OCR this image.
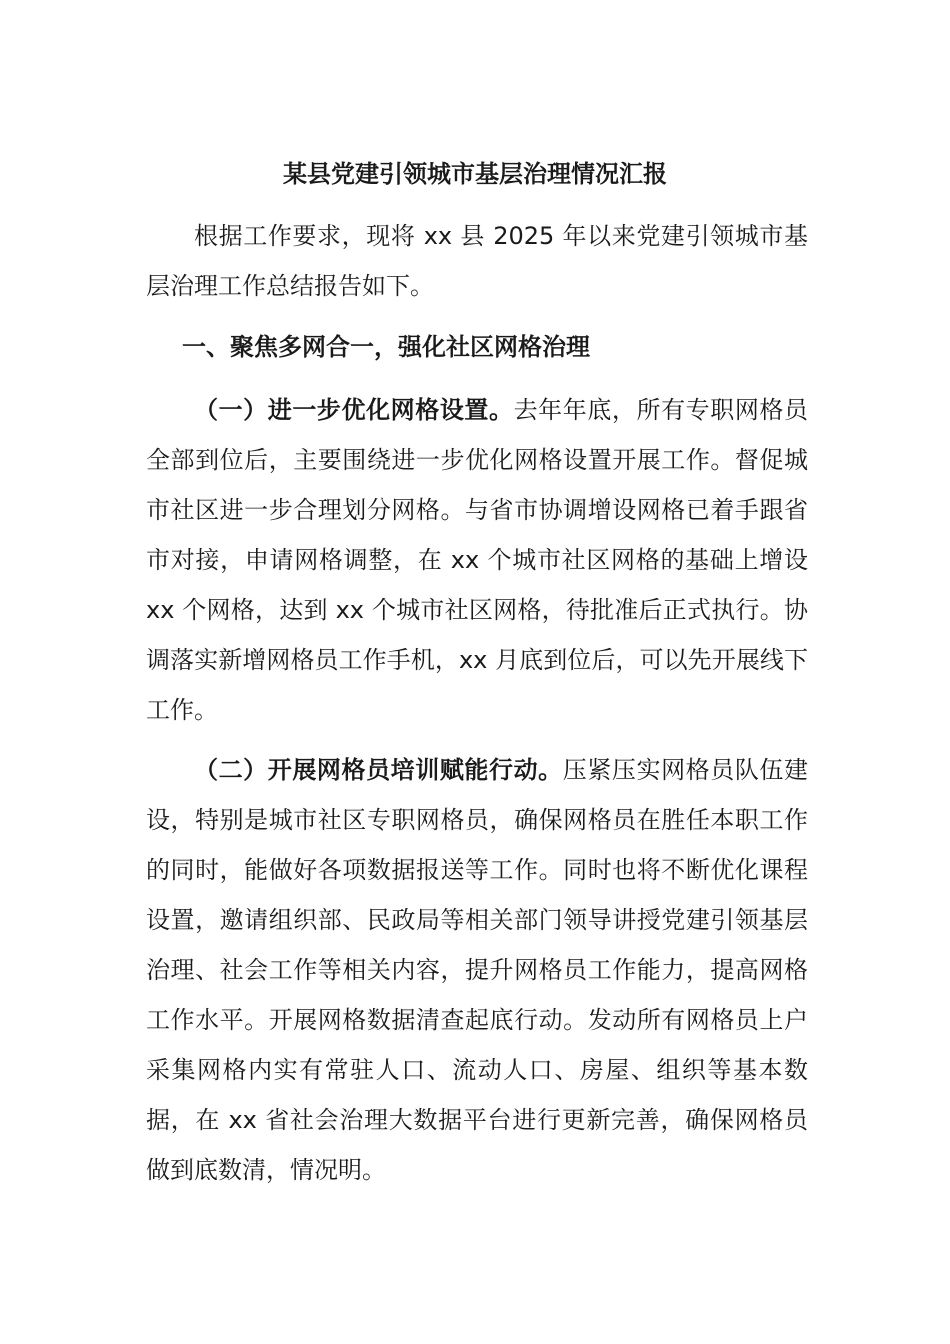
某县党建引领城市基层治理情况汇报

根据工作要求，现将 xx 县 2025 年以来党建引领城市基层治理工作总结报告如下。

一、聚焦多网合一，强化社区网格治理

（一）进一步优化网格设置。去年年底，所有专职网格员全部到位后，主要围绕进一步优化网格设置开展工作。督促城市社区进一步合理划分网格。与省市协调增设网格已着手跟省市对接，申请网格调整，在 xx 个城市社区网格的基础上增设 xx 个网格，达到 xx 个城市社区网格，待批准后正式执行。协调落实新增网格员工作手机，xx 月底到位后，可以先开展线下工作。

（二）开展网格员培训赋能行动。压紧压实网格员队伍建设，特别是城市社区专职网格员，确保网格员在胜任本职工作的同时，能做好各项数据报送等工作。同时也将不断优化课程设置，邀请组织部、民政局等相关部门领导讲授党建引领基层治理、社会工作等相关内容，提升网格员工作能力，提高网格工作水平。开展网格数据清查起底行动。发动所有网格员上户采集网格内实有常驻人口、流动人口、房屋、组织等基本数据，在 xx 省社会治理大数据平台进行更新完善，确保网格员做到底数清，情况明。
